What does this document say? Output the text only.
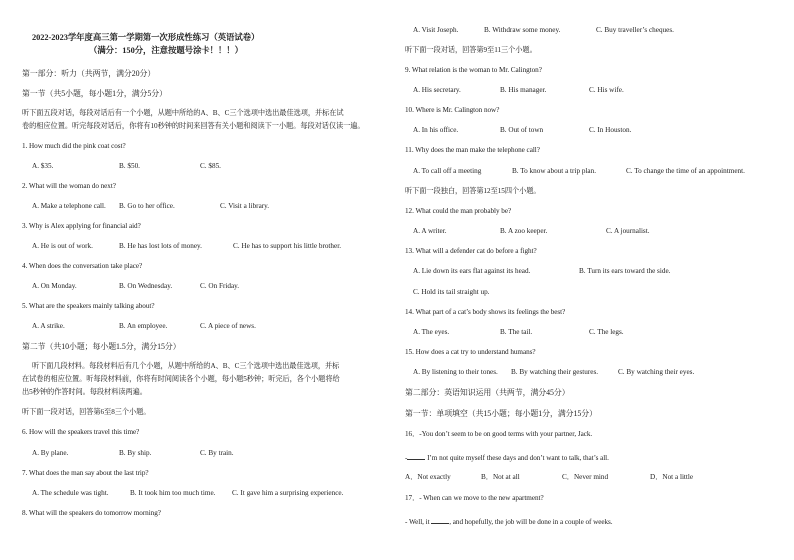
2022-2023学年度高三第一学期第一次形成性练习（英语试卷）
（满分：150分，注意按题号涂卡！！！）
第一部分：听力（共两节，满分20分）
第一节（共5小题，每小题1分，满分5分）
听下面五段对话，每段对话后有一个小题，从题中所给的A、B、C三个选项中选出最佳选项，并标在试
卷的相应位置。听完每段对话后，你将有10秒钟的时间来回答有关小题和阅读下一小题。每段对话仅读一遍。
1. How much did the pink coat cost?
A. $35.	B. $50.	C. $85.
2. What will the woman do next?
A. Make a telephone call. B. Go to her office.	C. Visit a library.
3. Why is Alex applying for financial aid?
A. He is out of work.	B. He has lost lots of money.	C. He has to support his little brother.
4. When does the conversation take place?
A. On Monday.	B. On Wednesday.	C. On Friday.
5. What are the speakers mainly talking about?
A. A strike.	B. An employee.	C. A piece of news.
第二节（共10小题；每小题1.5分，满分15分）
听下面几段材料。每段材料后有几个小题，从题中所给的A、B、C三个选项中选出最佳选项，并标
在试卷的相应位置。听每段材料前，你将有时间阅读各个小题，每小题5秒钟；听完后，各个小题将给
出5秒钟的作答时间。每段材料读两遍。
听下面一段对话，回答第6至8三个小题。
6. How will the speakers travel this time?
A. By plane.	B. By ship.	C. By train.
7. What does the man say about the last trip?
A. The schedule was tight.	B. It took him too much time. C. It gave him a surprising experience.
8. What will the speakers do tomorrow morning?
A. Visit Joseph.	B. Withdraw some money.	C. Buy traveller’s cheques.
听下面一段对话，回答第9至11三个小题。
9. What relation is the woman to Mr. Calington?
A. His secretary.	B. His manager.	C. His wife.
10. Where is Mr. Calington now?
A. In his office.	B. Out of town	C. In Houston.
11. Why does the man make the telephone call?
A. To call off a meeting	B. To know about a trip plan.	C. To change the time of an appointment.
听下面一段独白，回答第12至15四个小题。
12. What could the man probably be?
A. A writer.	B. A zoo keeper.	C. A journalist.
13. What will a defender cat do before a fight?
A. Lie down its ears flat against its head.	B. Turn its ears toward the side.
C. Hold its tail straight up.
14. What part of a cat’s body shows its feelings the best?
A. The eyes.	B. The tail.	C. The legs.
15. How does a cat try to understand humans?
A. By listening to their tones. B. By watching their gestures.	C. By watching their eyes.
第二部分：英语知识运用（共两节，满分45分）
第一节：单项填空（共15小题；每小题1分，满分15分）
16．-You don’t seem to be on good terms with your partner, Jack.
-	I’m not quite myself these days and don’t want to talk, that’s all.
A．Not exactly	B．Not at all	C．Never mind	D．Not a little
17．- When can we move to the new apartment?
- Well, it	, and hopefully, the job will be done in a couple of weeks.
